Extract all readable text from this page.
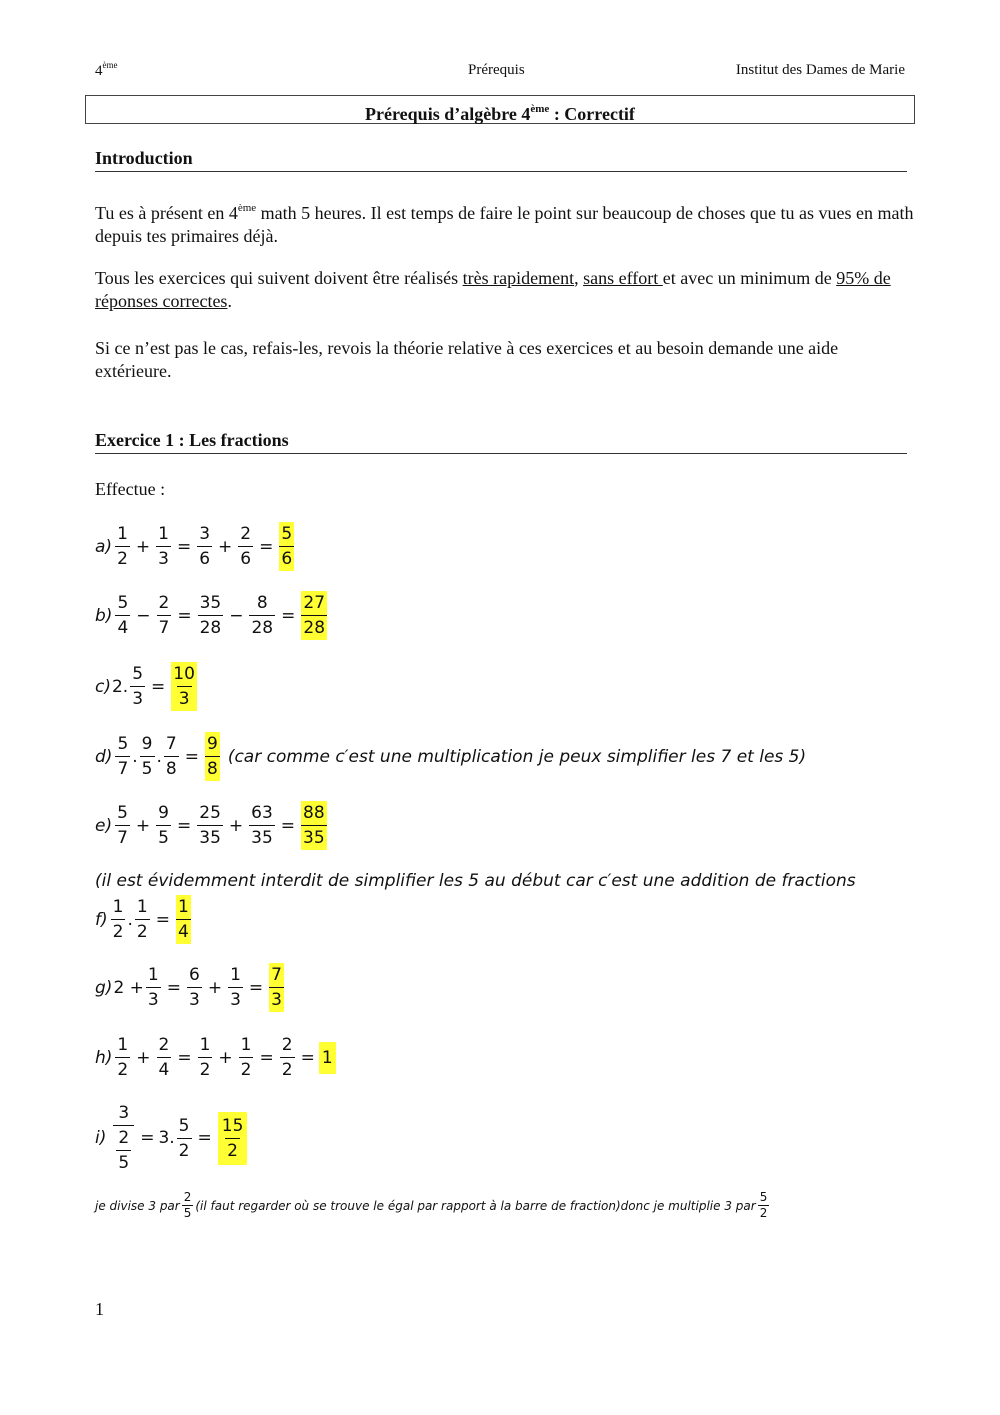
4ème	Prérequis	Institut des Dames de Marie
Prérequis d’algèbre 4ème : Correctif
Introduction
Tu es à présent en 4ème math 5 heures. Il est temps de faire le point sur beaucoup de choses que tu as vues en math depuis tes primaires déjà.
Tous les exercices qui suivent doivent être réalisés très rapidement, sans effort et avec un minimum de 95% de réponses correctes.
Si ce n’est pas le cas, refais-les, revois la théorie relative à ces exercices et au besoin demande une aide extérieure.
Exercice 1 : Les fractions
Effectue :
$a) \frac{1}{2} + \frac{1}{3} = \frac{3}{6} + \frac{2}{6} = \frac{5}{6}$
$b) \frac{5}{4} - \frac{2}{7} = \frac{35}{28} - \frac{8}{28} = \frac{27}{28}$
c) 2. $\frac{5}{3} = \frac{10}{3}$
$d) \frac{5}{7}$ . $\frac{9}{5}$ . $\frac{7}{8} = \frac{9}{8} (car$ comme c′est une multiplication je peux simplifier les 7 et les 5)
$e) \frac{5}{7} + \frac{9}{5} = \frac{25}{35} + \frac{63}{35} = \frac{88}{35}$
(il est évidemment interdit de simplifier les 5 au début car c′est une addition de fractions
$f) \frac{1}{2}$ . $\frac{1}{2} = \frac{1}{4}$
g) $2 + \frac{1}{3} = \frac{6}{3} + \frac{1}{3} = \frac{7}{3}$
$h) \frac{1}{2} + \frac{2}{4} = \frac{1}{2} + \frac{1}{2} = \frac{2}{2} = 1$
i)
3
$\frac{2}{5} = 3$. $\frac{5}{2} = \frac{15}{2}$
je divise 3 par $\frac{2}{5} (il$ faut regarder où se trouve le égal par rapport à la barre de fraction)donc je multiplie 3 par $\frac{5}{2}$
1
